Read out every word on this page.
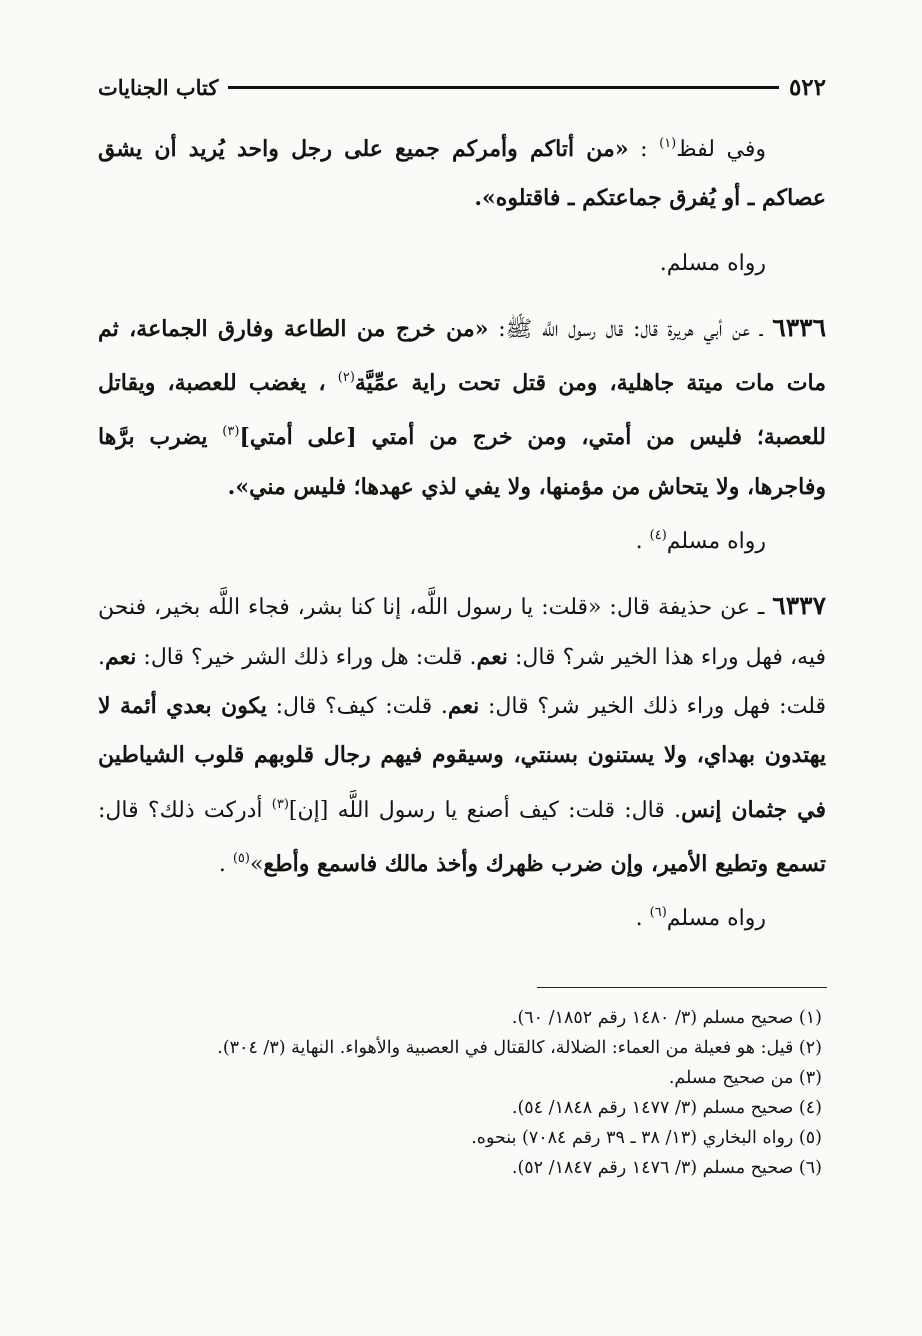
٥٢٢
كتاب الجنايات

وفي لفظ$^{(١)}$ : «من أتاكم وأمركم جميع على رجل واحد يُريد أن يشق عصاكم ـ أو يُفرق جماعتكم ـ فاقتلوه».

رواه مسلم.

٦٣٣٦ ـ عن أبي هريرة قال: قال رسول اللَّه ﷺ: «من خرج من الطاعة وفارق الجماعة، ثم مات مات ميتة جاهلية، ومن قتل تحت راية عمِّيَّة$^{(٢)}$ ، يغضب للعصبة، ويقاتل للعصبة؛ فليس من أمتي، ومن خرج من أمتي [على أمتي]$^{(٣)}$ يضرب برَّها وفاجرها، ولا يتحاش من مؤمنها، ولا يفي لذي عهدها؛ فليس مني».

رواه مسلم$^{(٤)}$ .

٦٣٣٧ ـ عن حذيفة قال: «قلت: يا رسول اللَّه، إنا كنا بشر، فجاء اللَّه بخير، فنحن فيه، فهل وراء هذا الخير شر؟ قال: نعم. قلت: هل وراء ذلك الشر خير؟ قال: نعم. قلت: فهل وراء ذلك الخير شر؟ قال: نعم. قلت: كيف؟ قال: يكون بعدي أئمة لا يهتدون بهداي، ولا يستنون بسنتي، وسيقوم فيهم رجال قلوبهم قلوب الشياطين في جثمان إنس. قال: قلت: كيف أصنع يا رسول اللَّه [إن]$^{(٣)}$ أدركت ذلك؟ قال: تسمع وتطيع الأمير، وإن ضرب ظهرك وأخذ مالك فاسمع وأطع»$^{(٥)}$ .

رواه مسلم$^{(٦)}$ .

(١) صحيح مسلم (٣/ ١٤٨٠ رقم ١٨٥٢/ ٦٠).
(٢) قيل: هو فعيلة من العماء: الضلالة، كالقتال في العصبية والأهواء. النهاية (٣/ ٣٠٤).
(٣) من صحيح مسلم.
(٤) صحيح مسلم (٣/ ١٤٧٧ رقم ١٨٤٨/ ٥٤).
(٥) رواه البخاري (١٣/ ٣٨ ـ ٣٩ رقم ٧٠٨٤) بنحوه.
(٦) صحيح مسلم (٣/ ١٤٧٦ رقم ١٨٤٧/ ٥٢).
